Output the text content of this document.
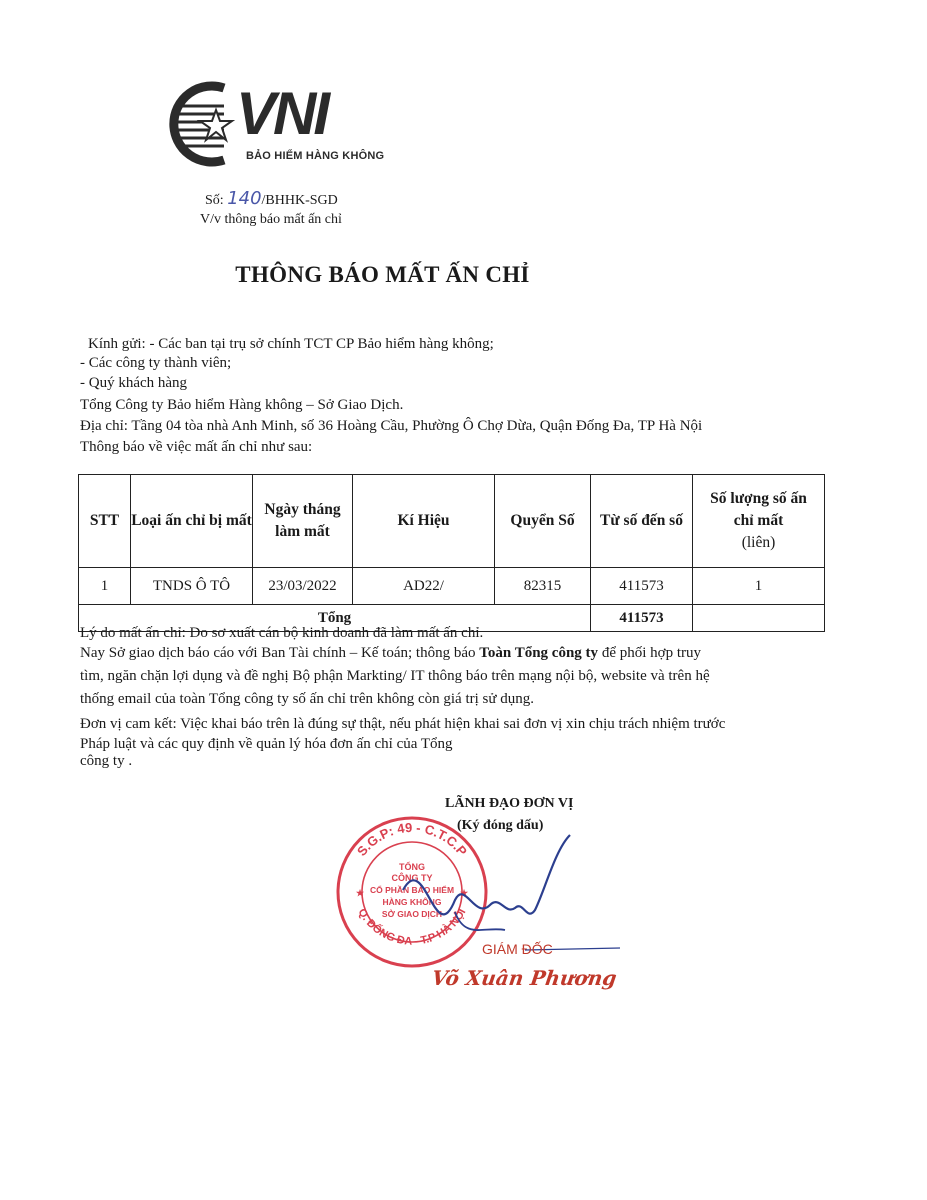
VNI
BẢO HIỂM HÀNG KHÔNG
Số: 140/BHHK-SGD
V/v thông báo mất ấn chỉ
THÔNG BÁO MẤT ẤN CHỈ
Kính gửi: - Các ban tại trụ sở chính TCT CP Bảo hiểm hàng không;
- Các công ty thành viên;
- Quý khách hàng
Tổng Công ty Bảo hiểm Hàng không – Sở Giao Dịch.
Địa chỉ: Tầng 04 tòa nhà Anh Minh, số 36 Hoàng Cầu, Phường Ô Chợ Dừa, Quận Đống Đa, TP Hà Nội
Thông báo về việc mất ấn chỉ như sau:
STT	Loại ấn chỉ bị mất	Ngày tháng làm mất	Kí Hiệu	Quyển Số	Từ số đến số	Số lượng số ấn chỉ mất
(liên)

1	TNDS Ô TÔ	23/03/2022	AD22/	82315	411573	1
Tổng					411573	
Lý do mất ấn chỉ: Do sơ xuất cán bộ kinh doanh đã làm mất ấn chỉ.
Nay Sở giao dịch báo cáo với Ban Tài chính – Kế toán; thông báo Toàn Tổng công ty để phối hợp truy
tìm, ngăn chặn lợi dụng và đề nghị Bộ phận Markting/ IT thông báo trên mạng nội bộ, website và trên hệ
thống email của toàn Tổng công ty số ấn chỉ trên không còn giá trị sử dụng.
Đơn vị cam kết: Việc khai báo trên là đúng sự thật, nếu phát hiện khai sai đơn vị xin chịu trách nhiệm trước
Pháp luật và các quy định về quản lý hóa đơn ấn chỉ của Tổng
công ty .
LÃNH ĐẠO ĐƠN VỊ
(Ký đóng dấu)
S.G.P: 49 - C.T.C.P
Q. ĐỐNG ĐA - T.P HÀ NỘI
TỔNG
CÔNG TY
CỔ PHẦN BẢO HIỂM
HÀNG KHÔNG
SỞ GIAO DỊCH
★	★
GIÁM ĐỐC
Võ Xuân Phương
